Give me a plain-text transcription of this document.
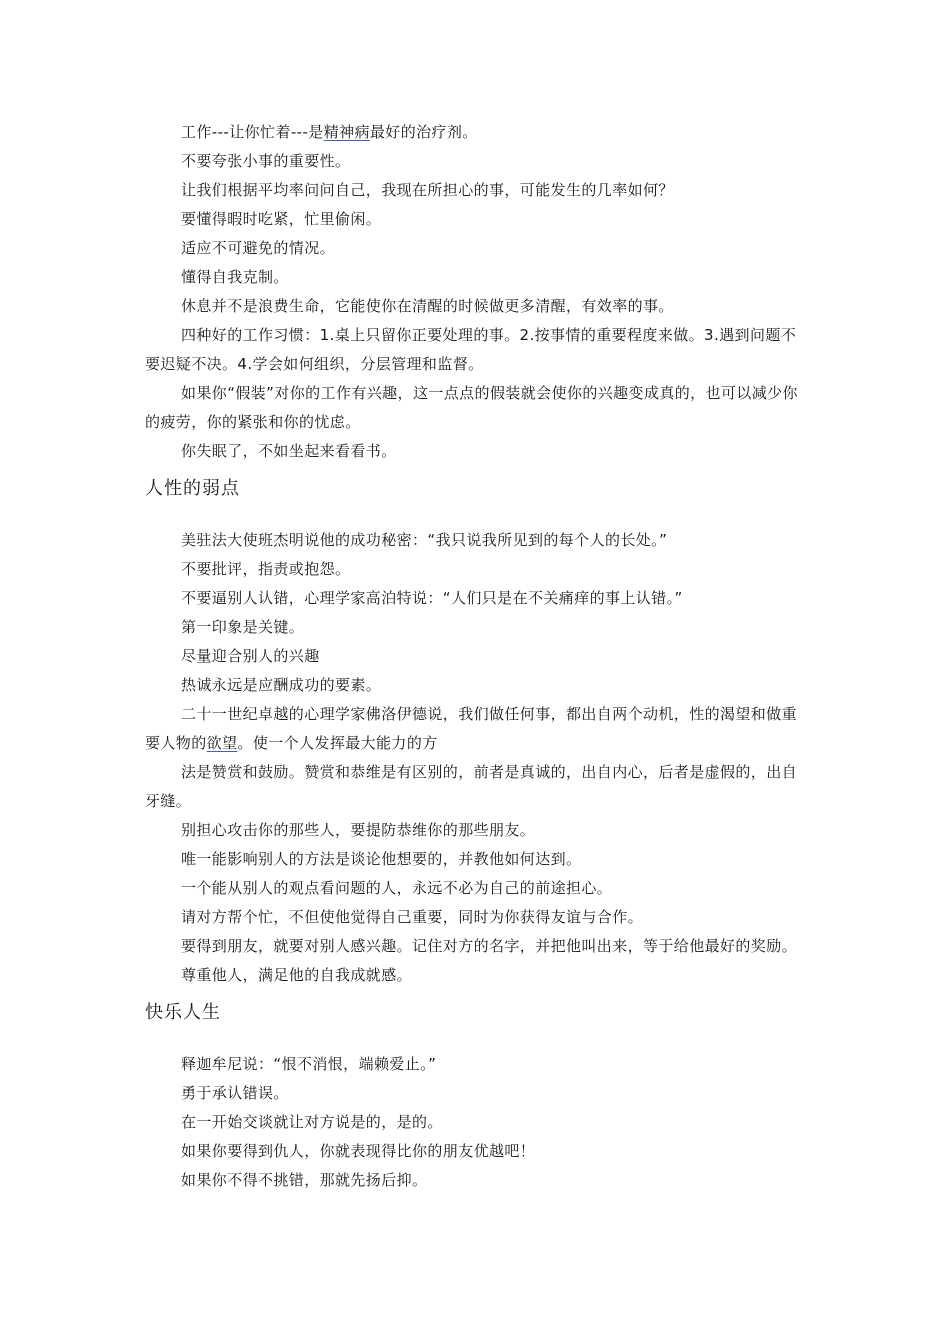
工作---让你忙着---是精神病最好的治疗剂。

不要夸张小事的重要性。

让我们根据平均率问问自己，我现在所担心的事，可能发生的几率如何？

要懂得暇时吃紧，忙里偷闲。

适应不可避免的情况。

懂得自我克制。

休息并不是浪费生命，它能使你在清醒的时候做更多清醒，有效率的事。

四种好的工作习惯：1.桌上只留你正要处理的事。2.按事情的重要程度来做。3.遇到问题不要迟疑不决。4.学会如何组织，分层管理和监督。

如果你“假装”对你的工作有兴趣，这一点点的假装就会使你的兴趣变成真的，也可以减少你的疲劳，你的紧张和你的忧虑。

你失眠了，不如坐起来看看书。

人性的弱点

美驻法大使班杰明说他的成功秘密：“我只说我所见到的每个人的长处。”

不要批评，指责或抱怨。

不要逼别人认错，心理学家高泊特说：“人们只是在不关痛痒的事上认错。”

第一印象是关键。

尽量迎合别人的兴趣

热诚永远是应酬成功的要素。

二十一世纪卓越的心理学家佛洛伊德说，我们做任何事，都出自两个动机，性的渴望和做重要人物的欲望。使一个人发挥最大能力的方

法是赞赏和鼓励。赞赏和恭维是有区别的，前者是真诚的，出自内心，后者是虚假的，出自牙缝。

别担心攻击你的那些人，要提防恭维你的那些朋友。

唯一能影响别人的方法是谈论他想要的，并教他如何达到。

一个能从别人的观点看问题的人，永远不必为自己的前途担心。

请对方帮个忙，不但使他觉得自己重要，同时为你获得友谊与合作。

要得到朋友，就要对别人感兴趣。记住对方的名字，并把他叫出来，等于给他最好的奖励。

尊重他人，满足他的自我成就感。

快乐人生

释迦牟尼说：“恨不消恨，端赖爱止。”

勇于承认错误。

在一开始交谈就让对方说是的，是的。

如果你要得到仇人，你就表现得比你的朋友优越吧！

如果你不得不挑错，那就先扬后抑。
